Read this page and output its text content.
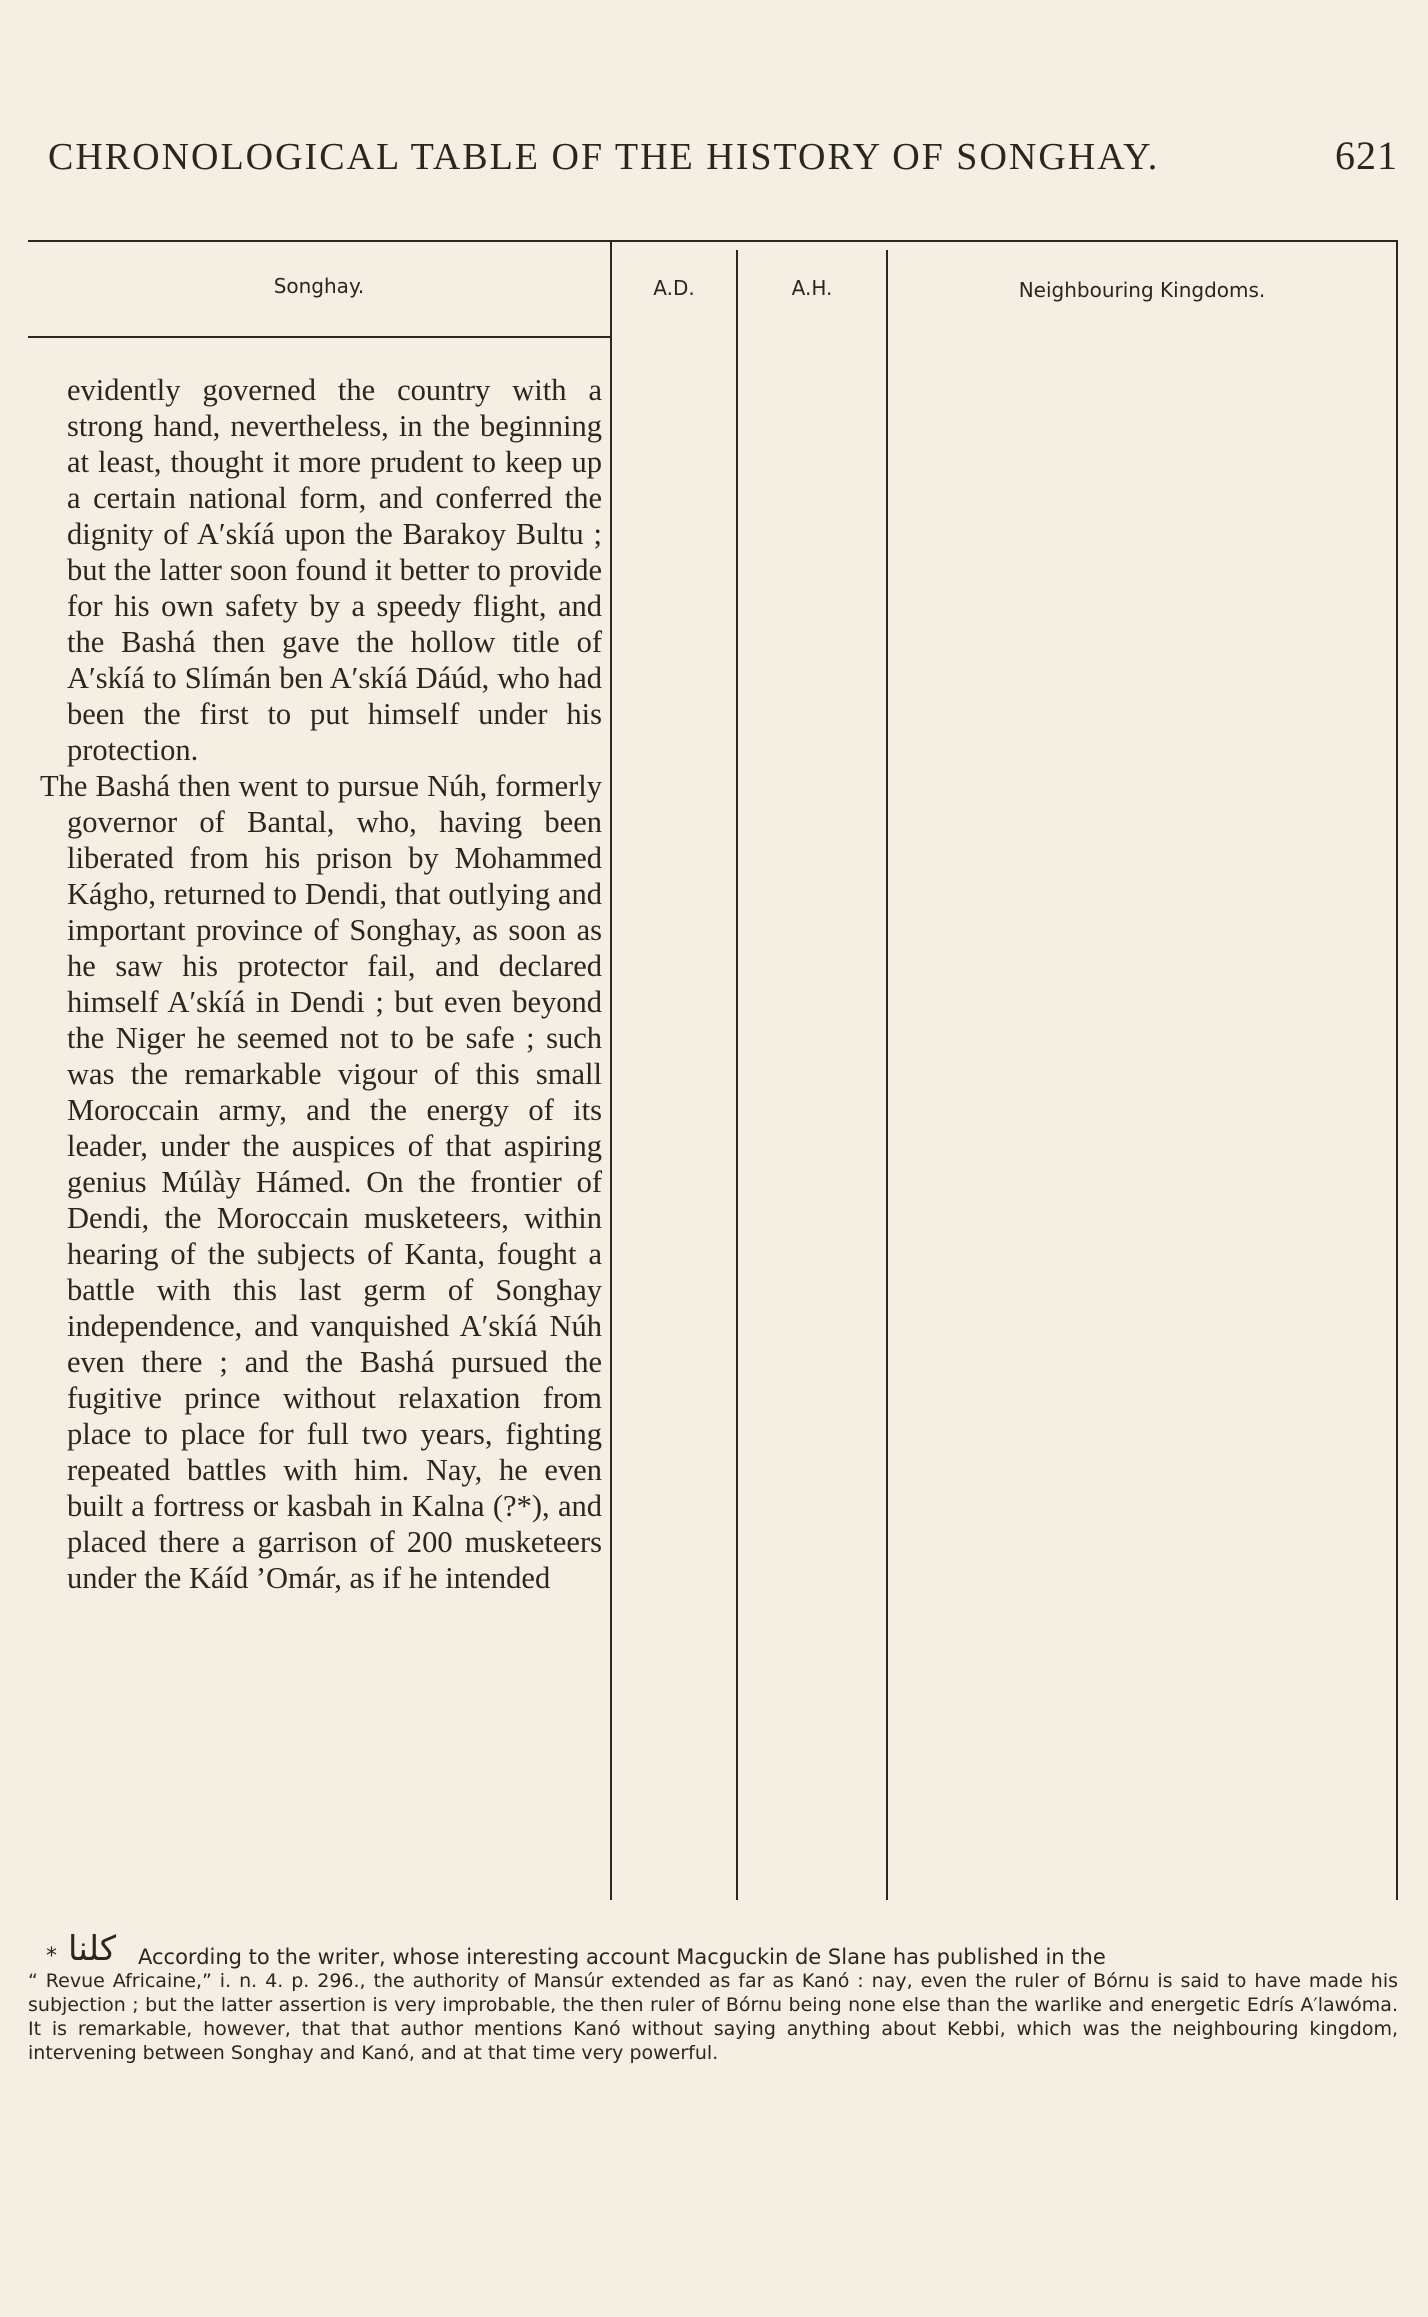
CHRONOLOGICAL TABLE OF THE HISTORY OF SONGHAY.	621
Songhay.	A.D.	A.H.	Neighbouring Kingdoms.

evidently governed the country with a strong hand, nevertheless, in the beginning at least, thought it more prudent to keep up a certain national form, and conferred the dignity of A′skíá upon the Barakoy Bultu ; but the latter soon found it better to provide for his own safety by a speedy flight, and the Bashá then gave the hollow title of A′skíá to Slímán ben A′skíá Dáúd, who had been the first to put himself under his protection.

The Bashá then went to pursue Núh, formerly governor of Bantal, who, having been liberated from his prison by Mohammed Kágho, returned to Dendi, that outlying and important province of Songhay, as soon as he saw his protector fail, and declared himself A′skíá in Dendi ; but even beyond the Niger he seemed not to be safe ; such was the remarkable vigour of this small Moroccain army, and the energy of its leader, under the auspices of that aspiring genius Múlày Hámed. On the frontier of Dendi, the Moroccain musketeers, within hearing of the subjects of Kanta, fought a battle with this last germ of Songhay independence, and vanquished A′skíá Núh even there ; and the Bashá pursued the fugitive prince without relaxation from place to place for full two years, fighting repeated battles with him. Nay, he even built a fortress or kasbah in Kalna (?*), and placed there a garrison of 200 musketeers under the Káíd ’Omár, as if he intended

* كلنا According to the writer, whose interesting account Macguckin de Slane has published in the
“ Revue Africaine,” i. n. 4. p. 296., the authority of Mansúr extended as far as Kanó : nay, even the ruler of Bórnu is said to have made his subjection ; but the latter assertion is very improbable, the then ruler of Bórnu being none else than the warlike and energetic Edrís A′lawóma. It is remarkable, however, that that author mentions Kanó without saying anything about Kebbi, which was the neighbouring kingdom, intervening between Songhay and Kanó, and at that time very powerful.
